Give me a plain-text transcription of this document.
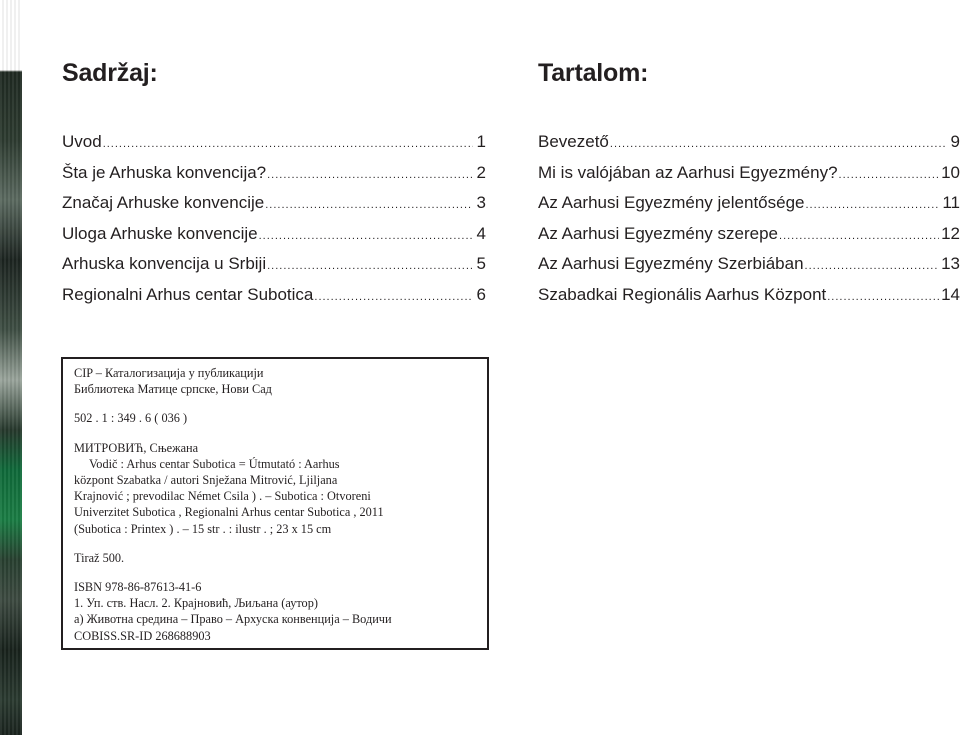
Sadržaj:
Uvod .....	1
Šta je Arhuska konvencija? .....	2
Značaj Arhuske konvencije .....	3
Uloga Arhuske konvencije .....	4
Arhuska konvencija u Srbiji .....	5
Regionalni Arhus centar Subotica .....	6
Tartalom:
Bevezető .....	9
Mi is valójában az Aarhusi Egyezmény? .....	10
Az Aarhusi Egyezmény jelentősége .....	11
Az Aarhusi Egyezmény szerepe .....	12
Az Aarhusi Egyezmény Szerbiában .....	13
Szabadkai Regionális Aarhus Központ .....	14

CIP – Каталогизација у публикацији

Библиотека Матице српске, Нови Сад

502 . 1 : 349 . 6 ( 036 )

МИТРОВИЋ, Сњежана

Vodič : Arhus centar Subotica = Útmutató : Aarhus

központ Szabatka / autori Snježana Mitrović, Ljiljana

Krajnović ; prevodilac Német Csila ) . – Subotica : Otvoreni

Univerzitet Subotica , Regionalni Arhus centar Subotica , 2011

(Subotica : Printex ) . – 15 str . : ilustr . ; 23 x 15 cm

Tiraž 500.

ISBN 978-86-87613-41-6

1. Уп. ств. Насл. 2. Крајновић, Љиљана (аутор)

а) Животна средина – Право – Архуска конвенција – Водичи

COBISS.SR-ID 268688903
